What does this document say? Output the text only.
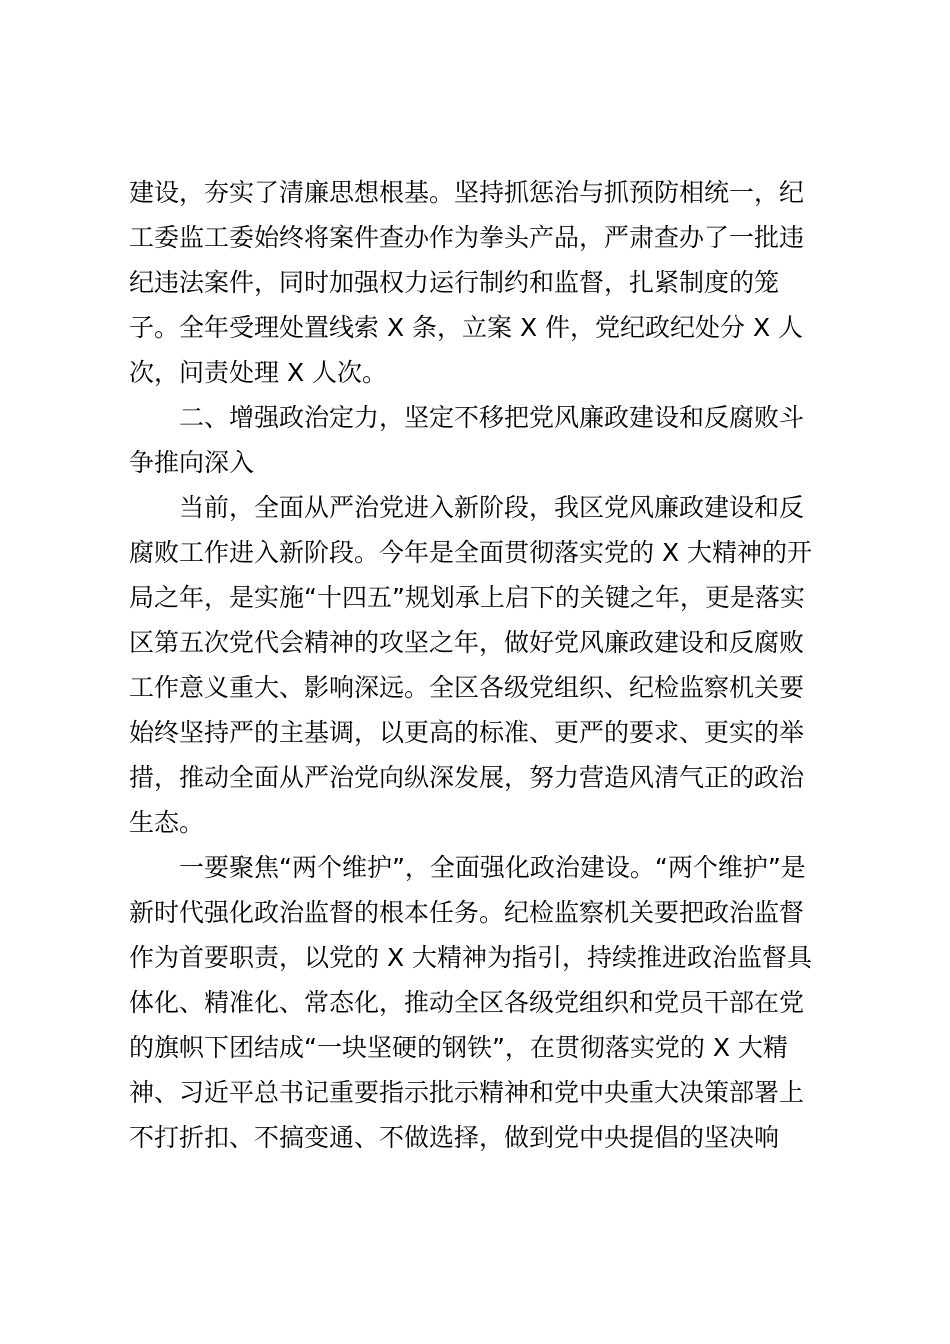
建设，夯实了清廉思想根基。坚持抓惩治与抓预防相统一，纪
工委监工委始终将案件查办作为拳头产品，严肃查办了一批违
纪违法案件，同时加强权力运行制约和监督，扎紧制度的笼
子。全年受理处置线索 X 条，立案 X 件，党纪政纪处分 X 人
次，问责处理 X 人次。
　　二、增强政治定力，坚定不移把党风廉政建设和反腐败斗
争推向深入
　　当前，全面从严治党进入新阶段，我区党风廉政建设和反
腐败工作进入新阶段。今年是全面贯彻落实党的 X 大精神的开
局之年，是实施“十四五”规划承上启下的关键之年，更是落实
区第五次党代会精神的攻坚之年，做好党风廉政建设和反腐败
工作意义重大、影响深远。全区各级党组织、纪检监察机关要
始终坚持严的主基调，以更高的标准、更严的要求、更实的举
措，推动全面从严治党向纵深发展，努力营造风清气正的政治
生态。
　　一要聚焦“两个维护”，全面强化政治建设。“两个维护”是
新时代强化政治监督的根本任务。纪检监察机关要把政治监督
作为首要职责，以党的 X 大精神为指引，持续推进政治监督具
体化、精准化、常态化，推动全区各级党组织和党员干部在党
的旗帜下团结成“一块坚硬的钢铁”，在贯彻落实党的 X 大精
神、习近平总书记重要指示批示精神和党中央重大决策部署上
不打折扣、不搞变通、不做选择，做到党中央提倡的坚决响
